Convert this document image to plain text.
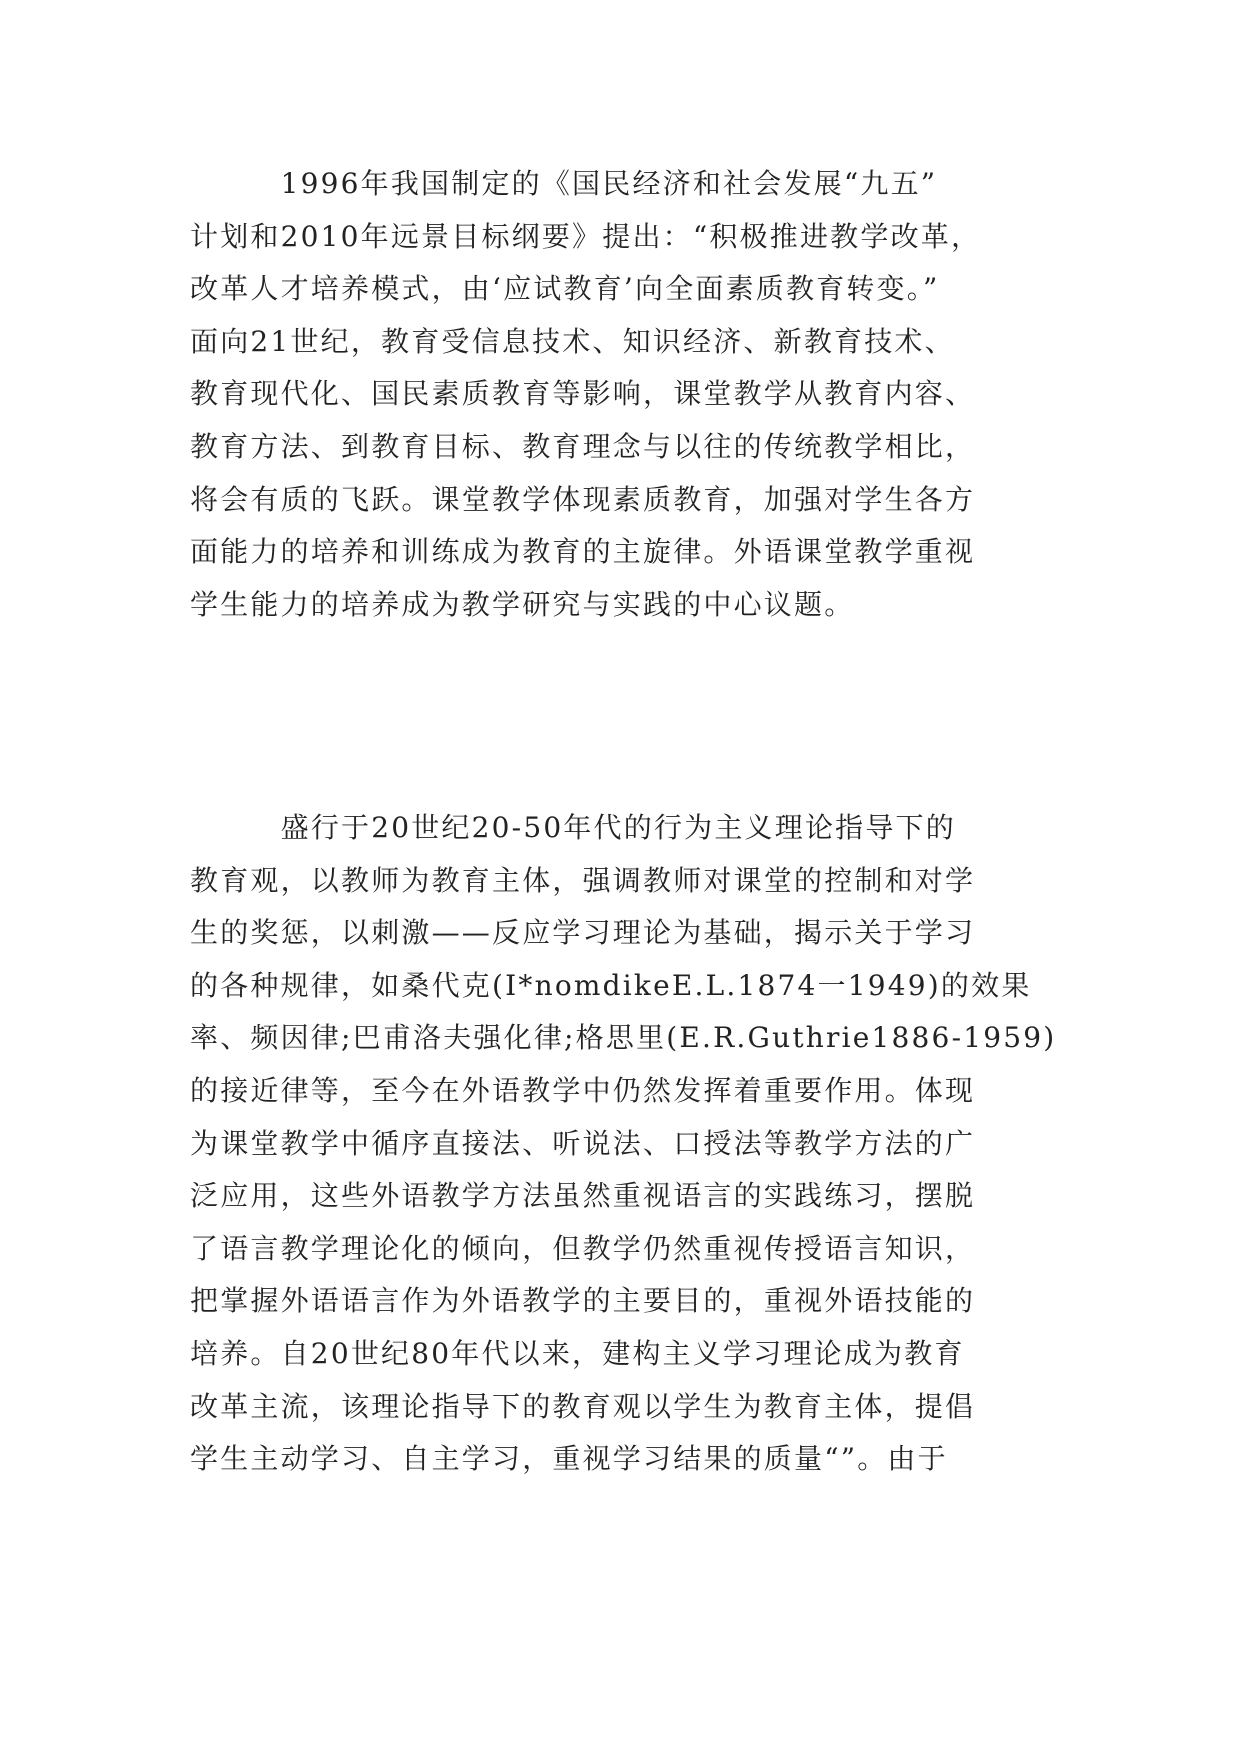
　　　1996年我国制定的《国民经济和社会发展“九五”
计划和2010年远景目标纲要》提出：“积极推进教学改革，
改革人才培养模式，由‘应试教育’向全面素质教育转变。”
面向21世纪，教育受信息技术、知识经济、新教育技术、
教育现代化、国民素质教育等影响，课堂教学从教育内容、
教育方法、到教育目标、教育理念与以往的传统教学相比，
将会有质的飞跃。课堂教学体现素质教育，加强对学生各方
面能力的培养和训练成为教育的主旋律。外语课堂教学重视
学生能力的培养成为教学研究与实践的中心议题。
　　　盛行于20世纪20-50年代的行为主义理论指导下的
教育观，以教师为教育主体，强调教师对课堂的控制和对学
生的奖惩，以刺激——反应学习理论为基础，揭示关于学习
的各种规律，如桑代克(I*nomdikeE.L.1874一1949)的效果
率、频因律;巴甫洛夫强化律;格思里(E.R.Guthrie1886-1959)
的接近律等，至今在外语教学中仍然发挥着重要作用。体现
为课堂教学中循序直接法、听说法、口授法等教学方法的广
泛应用，这些外语教学方法虽然重视语言的实践练习，摆脱
了语言教学理论化的倾向，但教学仍然重视传授语言知识，
把掌握外语语言作为外语教学的主要目的，重视外语技能的
培养。自20世纪80年代以来，建构主义学习理论成为教育
改革主流，该理论指导下的教育观以学生为教育主体，提倡
学生主动学习、自主学习，重视学习结果的质量“”。由于
